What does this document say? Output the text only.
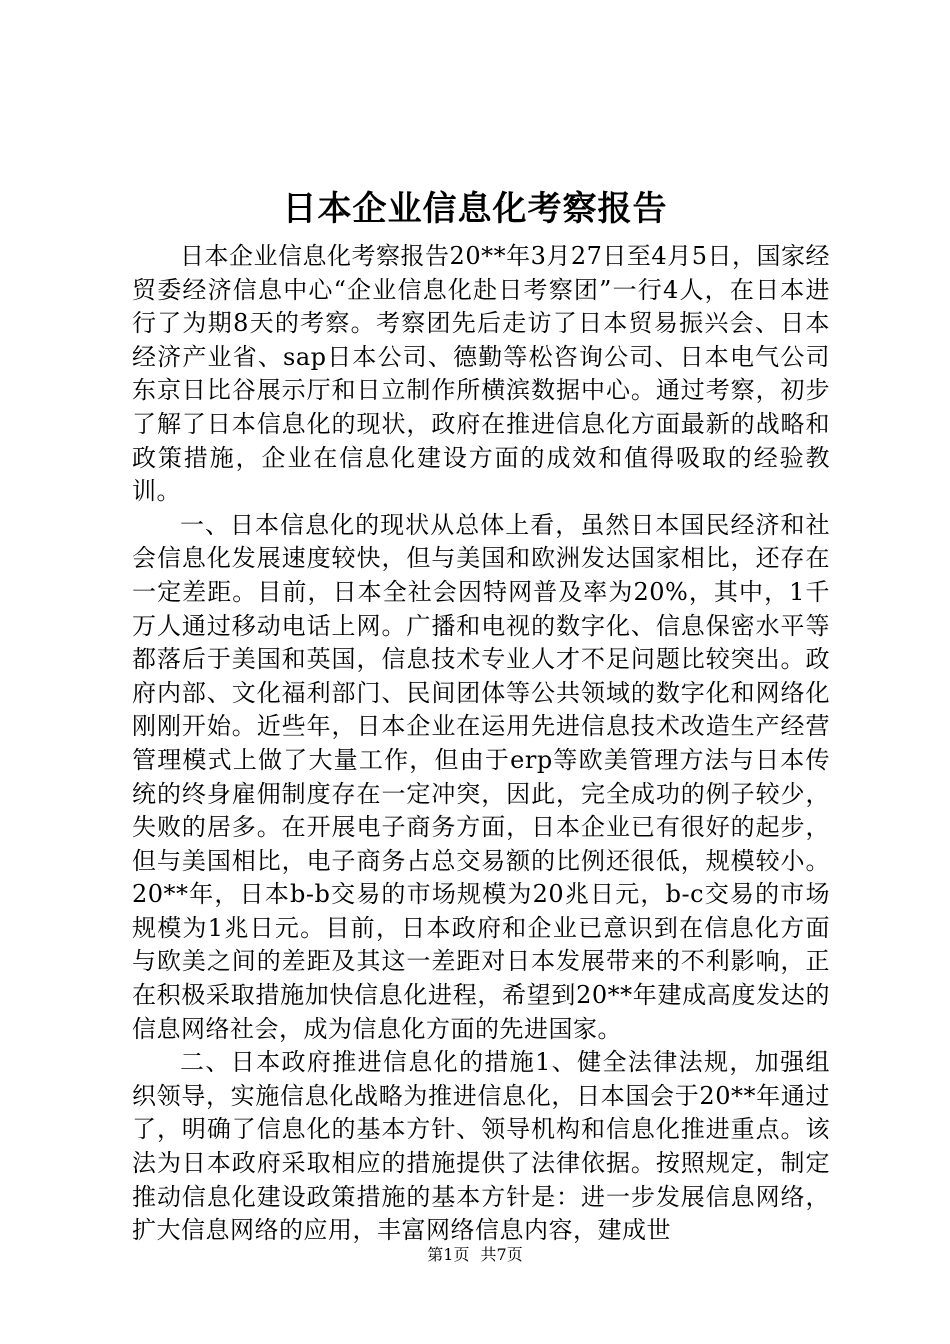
日本企业信息化考察报告

日本企业信息化考察报告20**年3月27日至4月5日，国家经贸委经济信息中心“企业信息化赴日考察团”一行4人，在日本进行了为期8天的考察。考察团先后走访了日本贸易振兴会、日本经济产业省、sap日本公司、德勤等松咨询公司、日本电气公司东京日比谷展示厅和日立制作所横滨数据中心。通过考察，初步了解了日本信息化的现状，政府在推进信息化方面最新的战略和政策措施，企业在信息化建设方面的成效和值得吸取的经验教训。

一、日本信息化的现状从总体上看，虽然日本国民经济和社会信息化发展速度较快，但与美国和欧洲发达国家相比，还存在一定差距。目前，日本全社会因特网普及率为20%，其中，1千万人通过移动电话上网。广播和电视的数字化、信息保密水平等都落后于美国和英国，信息技术专业人才不足问题比较突出。政府内部、文化福利部门、民间团体等公共领域的数字化和网络化刚刚开始。近些年，日本企业在运用先进信息技术改造生产经营管理模式上做了大量工作，但由于erp等欧美管理方法与日本传统的终身雇佣制度存在一定冲突，因此，完全成功的例子较少，失败的居多。在开展电子商务方面，日本企业已有很好的起步，但与美国相比，电子商务占总交易额的比例还很低，规模较小。20**年，日本b-b交易的市场规模为20兆日元，b-c交易的市场规模为1兆日元。目前，日本政府和企业已意识到在信息化方面与欧美之间的差距及其这一差距对日本发展带来的不利影响，正在积极采取措施加快信息化进程，希望到20**年建成高度发达的信息网络社会，成为信息化方面的先进国家。

二、日本政府推进信息化的措施1、健全法律法规，加强组织领导，实施信息化战略为推进信息化，日本国会于20**年通过了，明确了信息化的基本方针、领导机构和信息化推进重点。该法为日本政府采取相应的措施提供了法律依据。按照规定，制定推动信息化建设政策措施的基本方针是：进一步发展信息网络，扩大信息网络的应用，丰富网络信息内容，建成世

第1页 共7页
